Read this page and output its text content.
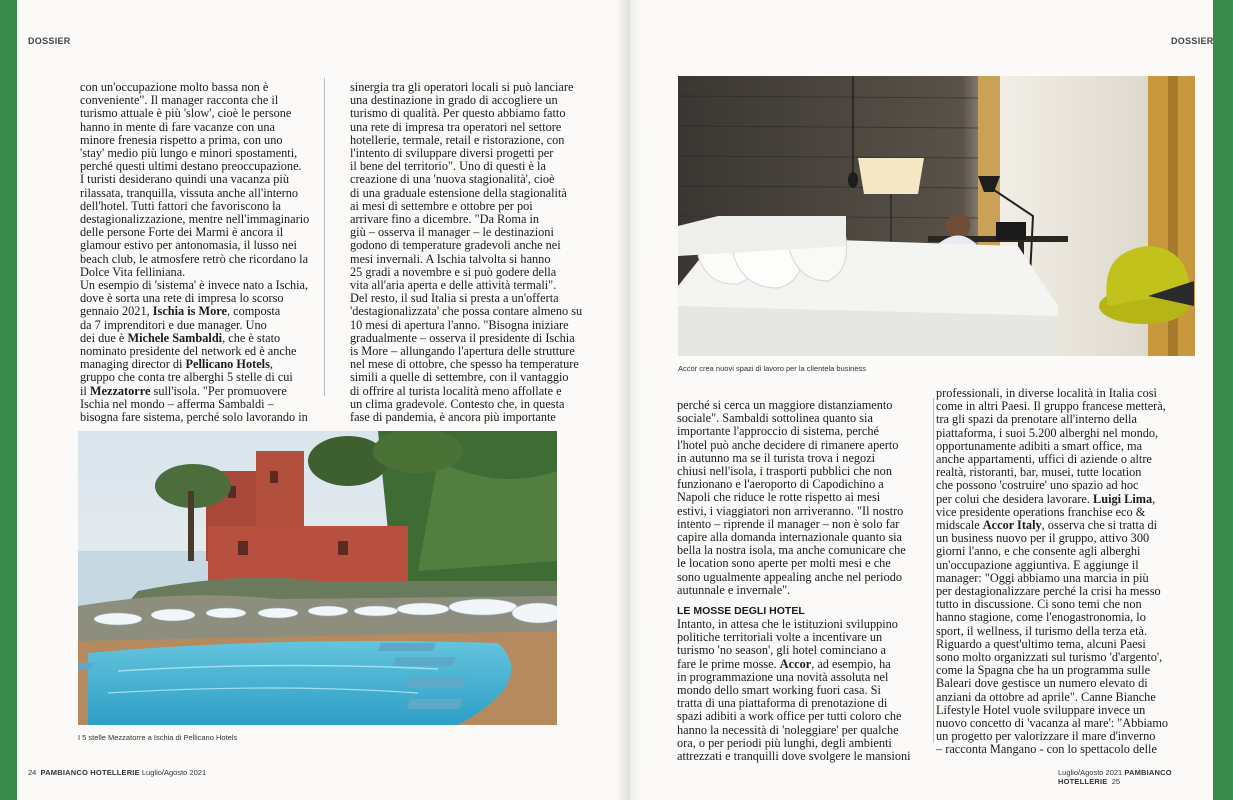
DOSSIER	DOSSIER

con un'occupazione molto bassa non è

conveniente". Il manager racconta che il

turismo attuale è più 'slow', cioè le persone

hanno in mente di fare vacanze con una

minore frenesia rispetto a prima, con uno

'stay' medio più lungo e minori spostamenti,

perché questi ultimi destano preoccupazione.

I turisti desiderano quindi una vacanza più

rilassata, tranquilla, vissuta anche all'interno

dell'hotel. Tutti fattori che favoriscono la

destagionalizzazione, mentre nell'immaginario

delle persone Forte dei Marmi è ancora il

glamour estivo per antonomasia, il lusso nei

beach club, le atmosfere retrò che ricordano la

Dolce Vita felliniana.

Un esempio di 'sistema' è invece nato a Ischia,

dove è sorta una rete di impresa lo scorso

gennaio 2021, Ischia is More, composta

da 7 imprenditori e due manager. Uno

dei due è Michele Sambaldi, che è stato

nominato presidente del network ed è anche

managing director di Pellicano Hotels,

gruppo che conta tre alberghi 5 stelle di cui

il Mezzatorre sull'isola. "Per promuovere

Ischia nel mondo – afferma Sambaldi –

bisogna fare sistema, perché solo lavorando in

sinergia tra gli operatori locali si può lanciare

una destinazione in grado di accogliere un

turismo di qualità. Per questo abbiamo fatto

una rete di impresa tra operatori nel settore

hotellerie, termale, retail e ristorazione, con

l'intento di sviluppare diversi progetti per

il bene del territorio". Uno di questi è la

creazione di una 'nuova stagionalità', cioè

di una graduale estensione della stagionalità

ai mesi di settembre e ottobre per poi

arrivare fino a dicembre. "Da Roma in

giù – osserva il manager – le destinazioni

godono di temperature gradevoli anche nei

mesi invernali. A Ischia talvolta si hanno

25 gradi a novembre e si può godere della

vita all'aria aperta e delle attività termali".

Del resto, il sud Italia si presta a un'offerta

'destagionalizzata' che possa contare almeno su

10 mesi di apertura l'anno. "Bisogna iniziare

gradualmente – osserva il presidente di Ischia

is More – allungando l'apertura delle strutture

nel mese di ottobre, che spesso ha temperature

simili a quelle di settembre, con il vantaggio

di offrire al turista località meno affollate e

un clima gradevole. Contesto che, in questa

fase di pandemia, è ancora più importante

I 5 stelle Mezzatorre a Ischia di Pellicano Hotels
24 PAMBIANCO HOTELLERIE Luglio/Agosto 2021
Accor crea nuovi spazi di lavoro per la clientela business

perché si cerca un maggiore distanziamento

sociale". Sambaldi sottolinea quanto sia

importante l'approccio di sistema, perché

l'hotel può anche decidere di rimanere aperto

in autunno ma se il turista trova i negozi

chiusi nell'isola, i trasporti pubblici che non

funzionano e l'aeroporto di Capodichino a

Napoli che riduce le rotte rispetto ai mesi

estivi, i viaggiatori non arriveranno. "Il nostro

intento – riprende il manager – non è solo far

capire alla domanda internazionale quanto sia

bella la nostra isola, ma anche comunicare che

le location sono aperte per molti mesi e che

sono ugualmente appealing anche nel periodo

autunnale e invernale".

LE MOSSE DEGLI HOTEL

Intanto, in attesa che le istituzioni sviluppino

politiche territoriali volte a incentivare un

turismo 'no season', gli hotel cominciano a

fare le prime mosse. Accor, ad esempio, ha

in programmazione una novità assoluta nel

mondo dello smart working fuori casa. Si

tratta di una piattaforma di prenotazione di

spazi adibiti a work office per tutti coloro che

hanno la necessità di 'noleggiare' per qualche

ora, o per periodi più lunghi, degli ambienti

attrezzati e tranquilli dove svolgere le mansioni

professionali, in diverse località in Italia così

come in altri Paesi. Il gruppo francese metterà,

tra gli spazi da prenotare all'interno della

piattaforma, i suoi 5.200 alberghi nel mondo,

opportunamente adibiti a smart office, ma

anche appartamenti, uffici di aziende o altre

realtà, ristoranti, bar, musei, tutte location

che possono 'costruire' uno spazio ad hoc

per colui che desidera lavorare. Luigi Lima,

vice presidente operations franchise eco &

midscale Accor Italy, osserva che si tratta di

un business nuovo per il gruppo, attivo 300

giorni l'anno, e che consente agli alberghi

un'occupazione aggiuntiva. E aggiunge il

manager: "Oggi abbiamo una marcia in più

per destagionalizzare perché la crisi ha messo

tutto in discussione. Ci sono temi che non

hanno stagione, come l'enogastronomia, lo

sport, il wellness, il turismo della terza età.

Riguardo a quest'ultimo tema, alcuni Paesi

sono molto organizzati sul turismo 'd'argento',

come la Spagna che ha un programma sulle

Baleari dove gestisce un numero elevato di

anziani da ottobre ad aprile". Canne Bianche

Lifestyle Hotel vuole sviluppare invece un

nuovo concetto di 'vacanza al mare': "Abbiamo

un progetto per valorizzare il mare d'inverno

– racconta Mangano - con lo spettacolo delle

Luglio/Agosto 2021 PAMBIANCO HOTELLERIE 25
